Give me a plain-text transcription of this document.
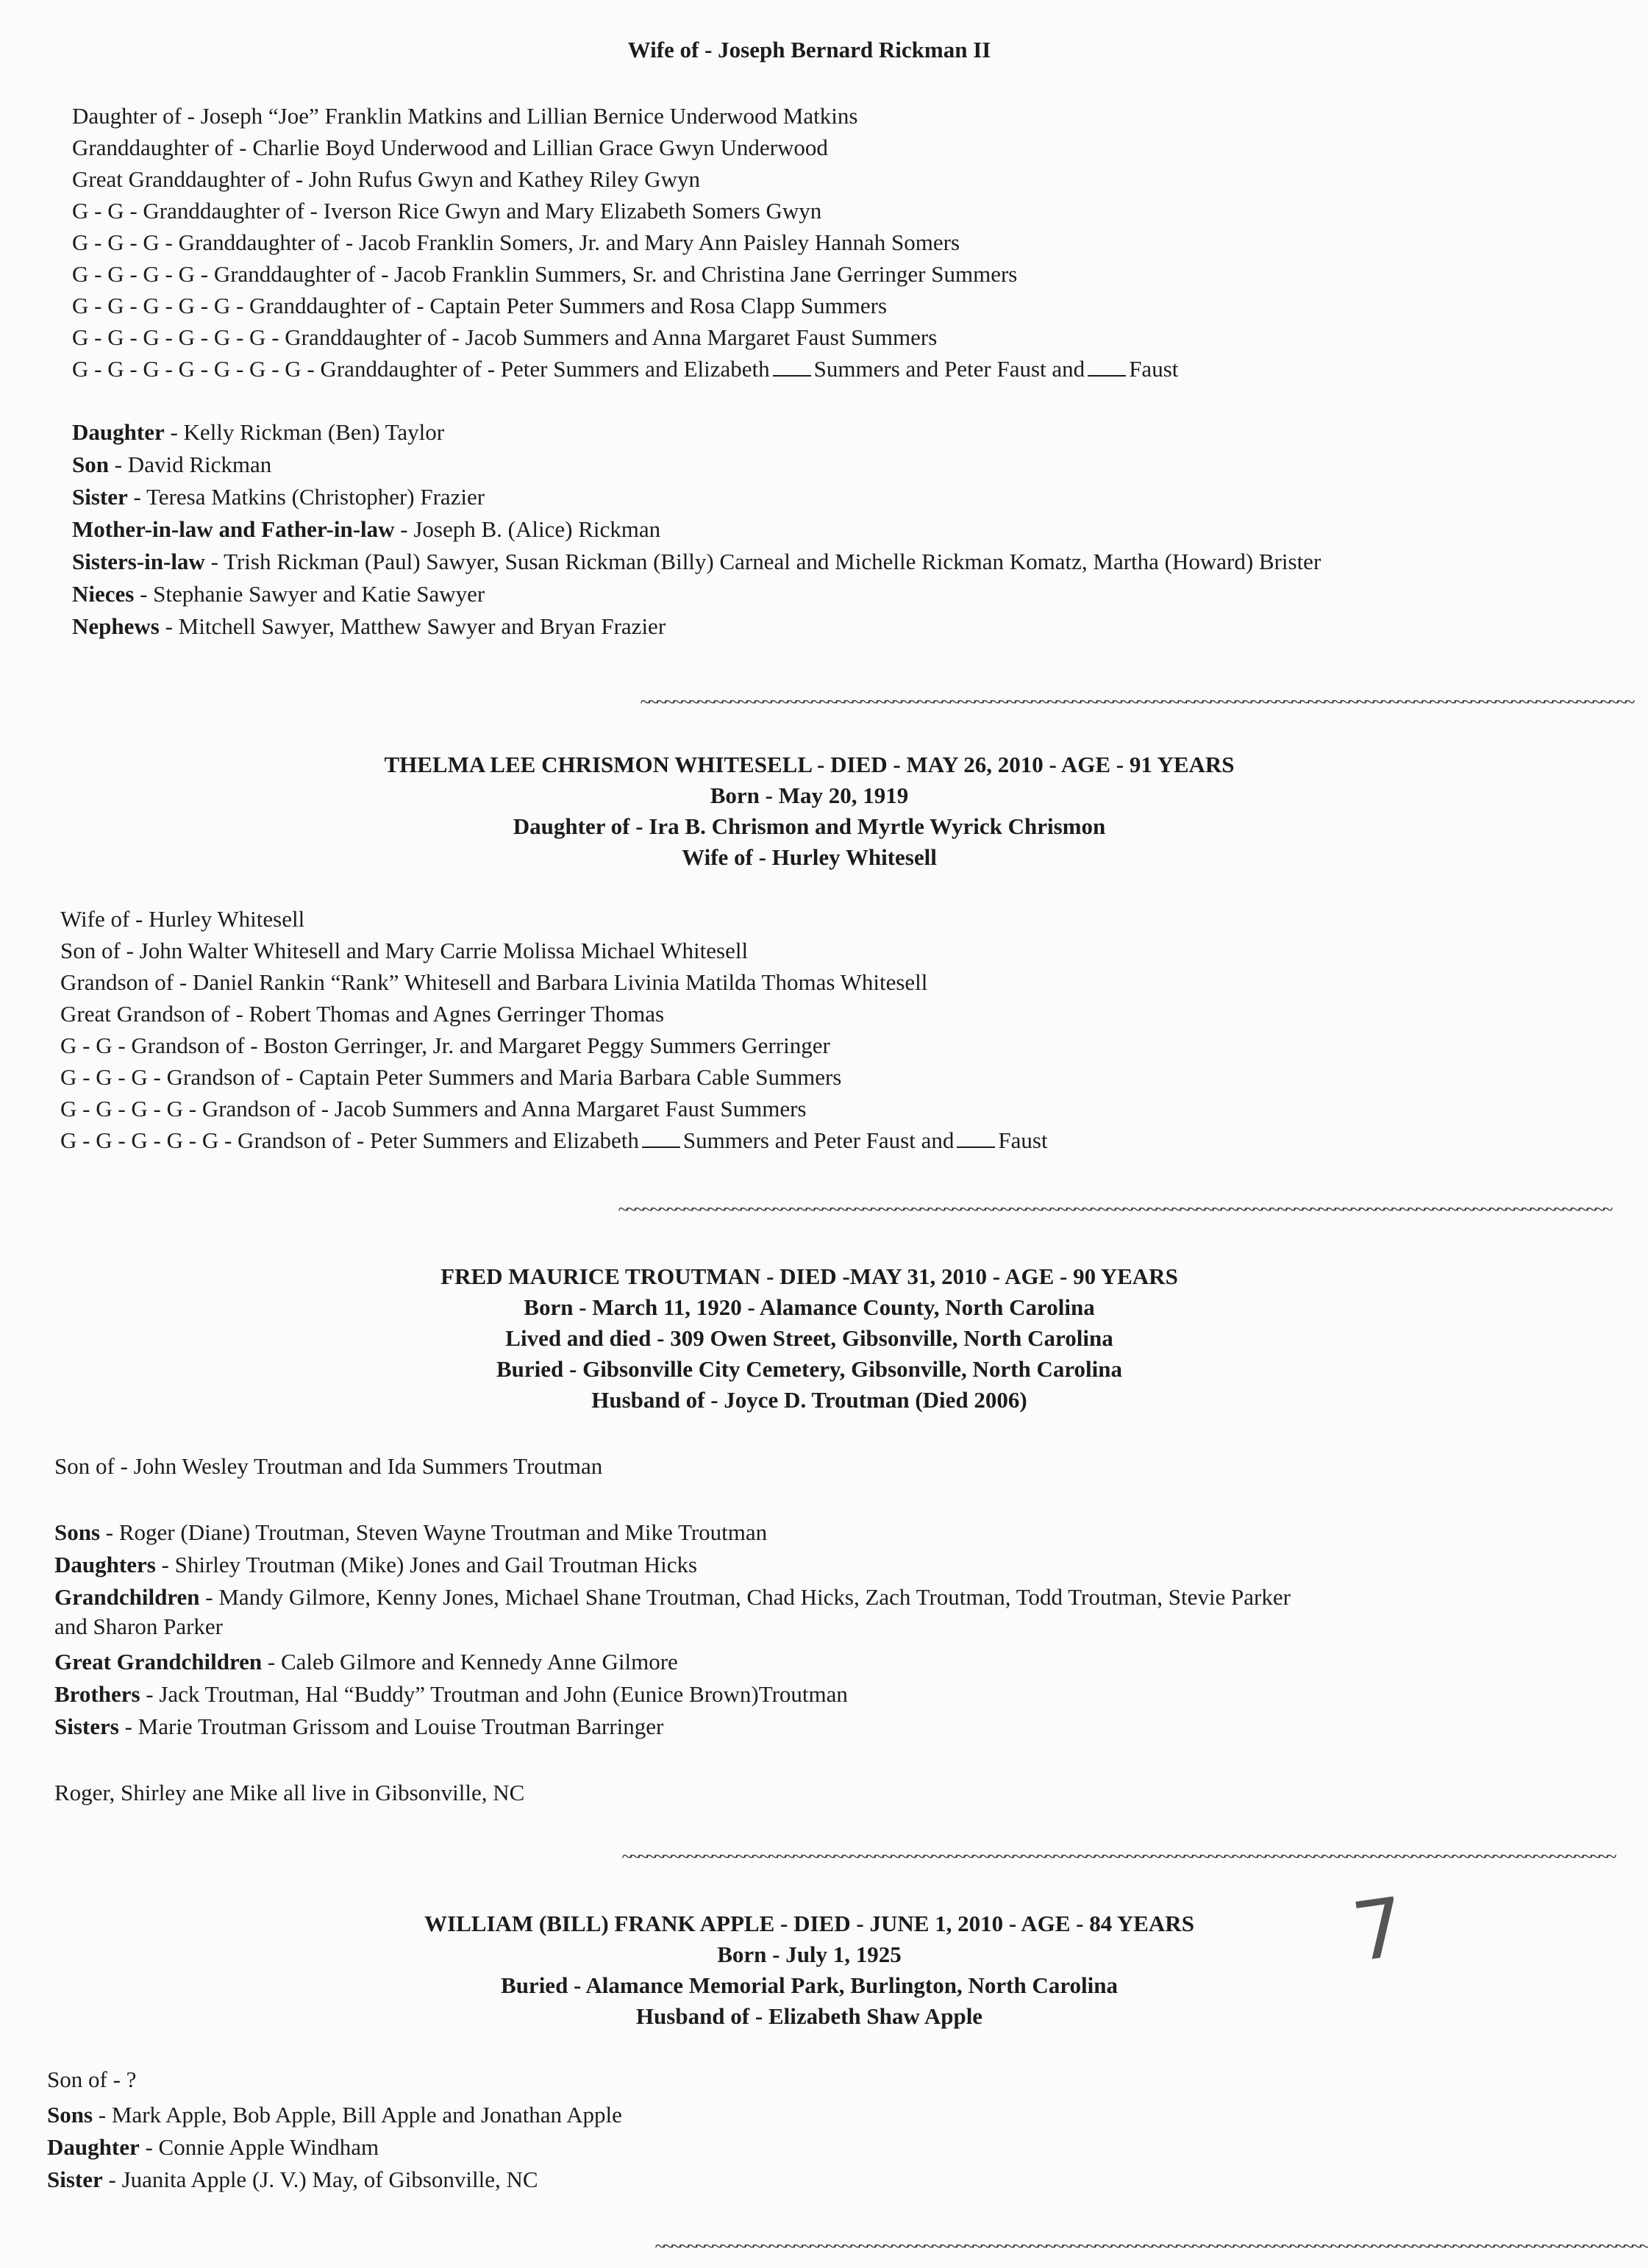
Wife of - Joseph Bernard Rickman II
Daughter of - Joseph “Joe” Franklin Matkins and Lillian Bernice Underwood Matkins
Granddaughter of - Charlie Boyd Underwood and Lillian Grace Gwyn Underwood
Great Granddaughter of - John Rufus Gwyn and Kathey Riley Gwyn
G - G - Granddaughter of - Iverson Rice Gwyn and Mary Elizabeth Somers Gwyn
G - G - G - Granddaughter of - Jacob Franklin Somers, Jr. and Mary Ann Paisley Hannah Somers
G - G - G - G - Granddaughter of - Jacob Franklin Summers, Sr. and Christina Jane Gerringer Summers
G - G - G - G - G - Granddaughter of - Captain Peter Summers and Rosa Clapp Summers
G - G - G - G - G - G - Granddaughter of - Jacob Summers and Anna Margaret Faust Summers
G - G - G - G - G - G - G - Granddaughter of - Peter Summers and Elizabeth Summers and Peter Faust and Faust
Daughter - Kelly Rickman (Ben) Taylor
Son - David Rickman
Sister - Teresa Matkins (Christopher) Frazier
Mother-in-law and Father-in-law - Joseph B. (Alice) Rickman
Sisters-in-law - Trish Rickman (Paul) Sawyer, Susan Rickman (Billy) Carneal and Michelle Rickman Komatz, Martha (Howard) Brister
Nieces - Stephanie Sawyer and Katie Sawyer
Nephews - Mitchell Sawyer, Matthew Sawyer and Bryan Frazier
~~~~~~~~~~~~~~~~~~~~~~~~~~~~~~~~~~~~~~~~~~~~~~~~~~~~~~~~~~~~~~~~~~~~~~~~~~~~~~~~~~~~~~~~~~~~~~~~~~~~~~~~~~~~~~~~~~~~~~~~~~
THELMA LEE CHRISMON WHITESELL - DIED - MAY 26, 2010 - AGE - 91 YEARS
Born - May 20, 1919
Daughter of - Ira B. Chrismon and Myrtle Wyrick Chrismon
Wife of - Hurley Whitesell
Wife of - Hurley Whitesell
Son of - John Walter Whitesell and Mary Carrie Molissa Michael Whitesell
Grandson of - Daniel Rankin “Rank” Whitesell and Barbara Livinia Matilda Thomas Whitesell
Great Grandson of - Robert Thomas and Agnes Gerringer Thomas
G - G - Grandson of - Boston Gerringer, Jr. and Margaret Peggy Summers Gerringer
G - G - G - Grandson of - Captain Peter Summers and Maria Barbara Cable Summers
G - G - G - G - Grandson of - Jacob Summers and Anna Margaret Faust Summers
G - G - G - G - G - Grandson of - Peter Summers and Elizabeth Summers and Peter Faust and Faust
~~~~~~~~~~~~~~~~~~~~~~~~~~~~~~~~~~~~~~~~~~~~~~~~~~~~~~~~~~~~~~~~~~~~~~~~~~~~~~~~~~~~~~~~~~~~~~~~~~~~~~~~~~~~~~~~~~~~~~~~~~
FRED MAURICE TROUTMAN - DIED -MAY 31, 2010 - AGE - 90 YEARS
Born - March 11, 1920 - Alamance County, North Carolina
Lived and died - 309 Owen Street, Gibsonville, North Carolina
Buried - Gibsonville City Cemetery, Gibsonville, North Carolina
Husband of - Joyce D. Troutman (Died 2006)
Son of - John Wesley Troutman and Ida Summers Troutman
Sons - Roger (Diane) Troutman, Steven Wayne Troutman and Mike Troutman
Daughters - Shirley Troutman (Mike) Jones and Gail Troutman Hicks
Grandchildren - Mandy Gilmore, Kenny Jones, Michael Shane Troutman, Chad Hicks, Zach Troutman, Todd Troutman, Stevie Parker
and Sharon Parker
Great Grandchildren - Caleb Gilmore and Kennedy Anne Gilmore
Brothers - Jack Troutman, Hal “Buddy” Troutman and John (Eunice Brown)Troutman
Sisters - Marie Troutman Grissom and Louise Troutman Barringer
Roger, Shirley ane Mike all live in Gibsonville, NC
~~~~~~~~~~~~~~~~~~~~~~~~~~~~~~~~~~~~~~~~~~~~~~~~~~~~~~~~~~~~~~~~~~~~~~~~~~~~~~~~~~~~~~~~~~~~~~~~~~~~~~~~~~~~~~~~~~~~~~~~~~
WILLIAM (BILL) FRANK APPLE - DIED - JUNE 1, 2010 - AGE - 84 YEARS
Born - July 1, 1925
Buried - Alamance Memorial Park, Burlington, North Carolina
Husband of - Elizabeth Shaw Apple
Son of - ?
Sons - Mark Apple, Bob Apple, Bill Apple and Jonathan Apple
Daughter - Connie Apple Windham
Sister - Juanita Apple (J. V.) May, of Gibsonville, NC
~~~~~~~~~~~~~~~~~~~~~~~~~~~~~~~~~~~~~~~~~~~~~~~~~~~~~~~~~~~~~~~~~~~~~~~~~~~~~~~~~~~~~~~~~~~~~~~~~~~~~~~~~~~~~~~~~~~~~~~~~~
7
